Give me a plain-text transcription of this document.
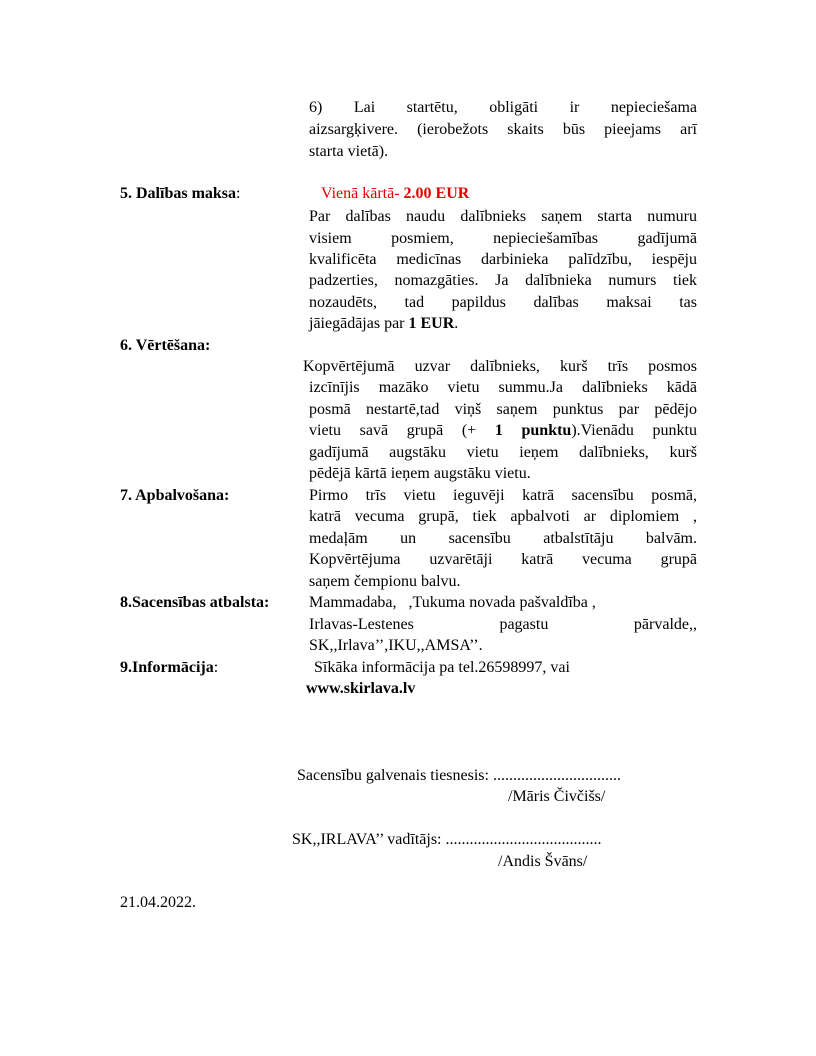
6) Lai startētu, obligāti ir nepieciešama
aizsargķivere. (ierobežots skaits būs pieejams arī
starta vietā).
5. Dalības maksa:	Vienā kārtā- 2.00 EUR
Par dalības naudu dalībnieks saņem starta numuru
visiem posmiem, nepieciešamības gadījumā
kvalificēta medicīnas darbinieka palīdzību, iespēju
padzerties, nomazgāties. Ja dalībnieka numurs tiek
nozaudēts, tad papildus dalības maksai tas
jāiegādājas par 1 EUR.
6. Vērtēšana:
Kopvērtējumā uzvar dalībnieks, kurš trīs posmos
izcīnījis mazāko vietu summu.Ja dalībnieks kādā
posmā nestartē,tad viņš saņem punktus par pēdējo
vietu savā grupā (+ 1 punktu).Vienādu punktu
gadījumā augstāku vietu ieņem dalībnieks, kurš
pēdējā kārtā ieņem augstāku vietu.
7. Apbalvošana:	Pirmo trīs vietu ieguvēji katrā sacensību posmā,
katrā vecuma grupā, tiek apbalvoti ar diplomiem ,
medaļām un sacensību atbalstītāju balvām.
Kopvērtējuma uzvarētāji katrā vecuma grupā
saņem čempionu balvu.
8.Sacensības atbalsta: Mammadaba,   ,Tukuma novada pašvaldība ,
Irlavas-Lestenes pagastu pārvalde,,
SK,,Irlava’’,IKU,,AMSA’’.
9.Informācija:	Sīkāka informācija pa tel.26598997, vai
www.skirlava.lv
Sacensību galvenais tiesnesis: ................................
/Māris Čivčišs/
SK,,IRLAVA’’ vadītājs: .......................................
/Andis Švāns/
21.04.2022.
